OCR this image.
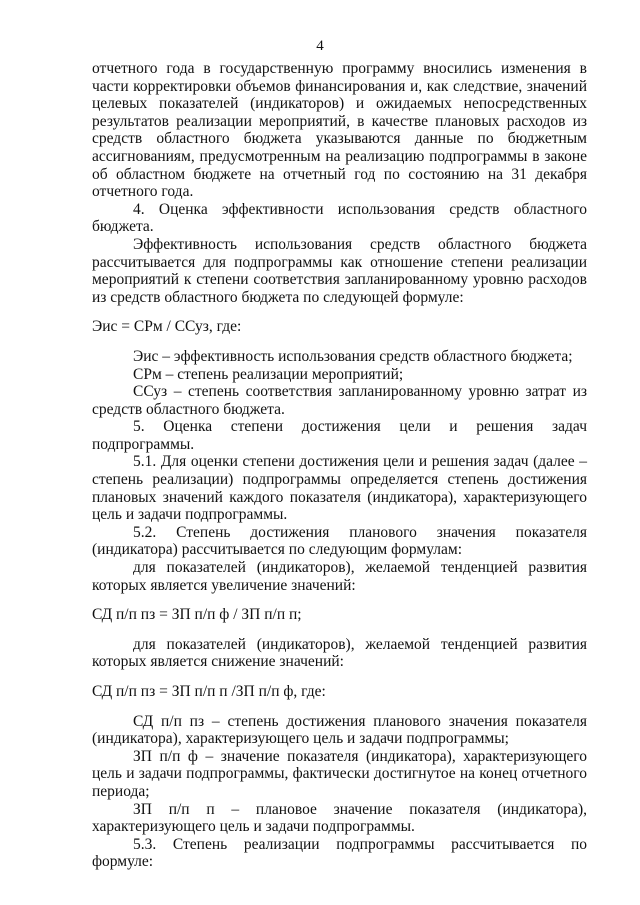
4

отчетного года в государственную программу вносились изменения в части корректировки объемов финансирования и, как следствие, значений целевых показателей (индикаторов) и ожидаемых непосредственных результатов реализации мероприятий, в качестве плановых расходов из средств областного бюджета указываются данные по бюджетным ассигнованиям, предусмотренным на реализацию подпрограммы в законе об областном бюджете на отчетный год по состоянию на 31 декабря отчетного года.

4. Оценка эффективности использования средств областного бюджета.

Эффективность использования средств областного бюджета рассчитывается для подпрограммы как отношение степени реализации мероприятий к степени соответствия запланированному уровню расходов из средств областного бюджета по следующей формуле:

Эис = СРм / ССуз, где:

Эис – эффективность использования средств областного бюджета;

СРм – степень реализации мероприятий;

ССуз – степень соответствия запланированному уровню затрат из средств областного бюджета.

5. Оценка степени достижения цели и решения задач подпрограммы.

5.1. Для оценки степени достижения цели и решения задач (далее – степень реализации) подпрограммы определяется степень достижения плановых значений каждого показателя (индикатора), характеризующего цель и задачи подпрограммы.

5.2. Степень достижения планового значения показателя (индикатора) рассчитывается по следующим формулам:

для показателей (индикаторов), желаемой тенденцией развития которых является увеличение значений:

СД п/п пз = ЗП п/п ф / ЗП п/п п;

для показателей (индикаторов), желаемой тенденцией развития которых является снижение значений:

СД п/п пз = ЗП п/п п /ЗП п/п ф, где:

СД п/п пз – степень достижения планового значения показателя (индикатора), характеризующего цель и задачи подпрограммы;

ЗП п/п ф – значение показателя (индикатора), характеризующего цель и задачи подпрограммы, фактически достигнутое на конец отчетного периода;

ЗП п/п п – плановое значение показателя (индикатора), характеризующего цель и задачи подпрограммы.

5.3. Степень реализации подпрограммы рассчитывается по формуле:
